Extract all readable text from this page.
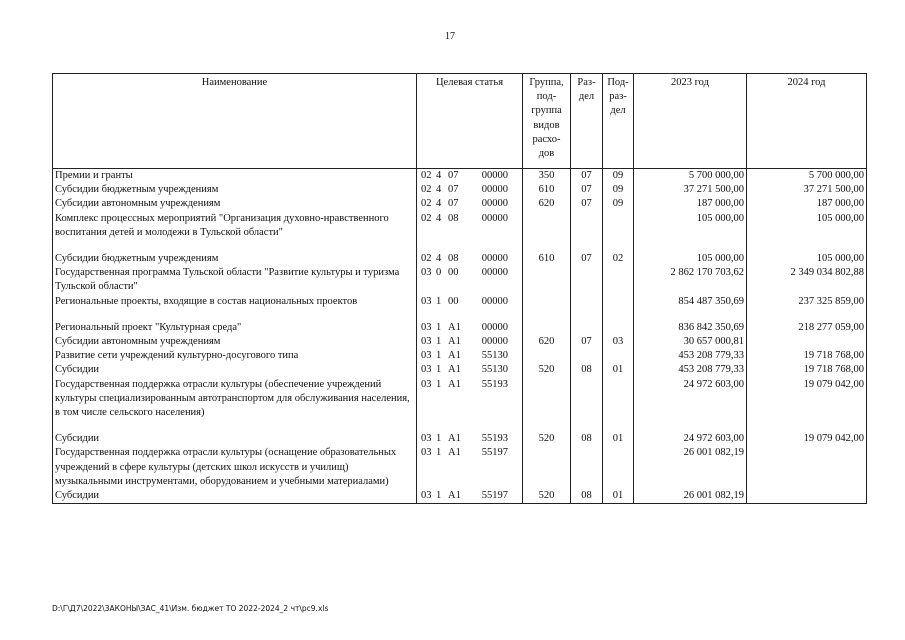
17
Наименование	Целевая статья	Группа, под-группа видов расхо-дов	Раз-дел	Под-раз-дел	2023 год	2024 год
Премии и гранты	02 4 07 00000	350	07	09	5 700 000,00	5 700 000,00
Субсидии бюджетным учреждениям	02 4 07 00000	610	07	09	37 271 500,00	37 271 500,00
Субсидии автономным учреждениям	02 4 07 00000	620	07	09	187 000,00	187 000,00
Комплекс процессных мероприятий "Организация духовно-нравственного воспитания детей и молодежи в Тульской области"	02 4 08 00000				105 000,00	105 000,00

Субсидии бюджетным учреждениям	02 4 08 00000	610	07	02	105 000,00	105 000,00
Государственная программа Тульской области "Развитие культуры и туризма Тульской области"	03 0 00 00000				2 862 170 703,62	2 349 034 802,88
Региональные проекты, входящие в состав национальных проектов	03 1 00 00000				854 487 350,69	237 325 859,00

Региональный проект "Культурная среда"	03 1 A1 00000				836 842 350,69	218 277 059,00
Субсидии автономным учреждениям	03 1 A1 00000	620	07	03	30 657 000,81	
Развитие сети учреждений культурно-досугового типа	03 1 A1 55130				453 208 779,33	19 718 768,00
Субсидии	03 1 A1 55130	520	08	01	453 208 779,33	19 718 768,00
Государственная поддержка отрасли культуры (обеспечение учреждений культуры специализированным автотранспортом для обслуживания населения, в том числе сельского населения)	03 1 A1 55193				24 972 603,00	19 079 042,00

Субсидии	03 1 A1 55193	520	08	01	24 972 603,00	19 079 042,00
Государственная поддержка отрасли культуры (оснащение образовательных учреждений в сфере культуры (детских школ искусств и училищ) музыкальными инструментами, оборудованием и учебными материалами)	03 1 A1 55197				26 001 082,19	
Субсидии	03 1 A1 55197	520	08	01	26 001 082,19	
D:\Г\Д7\2022\ЗАКОНЫ\ЗАС_41\Изм. бюджет ТО 2022-2024_2 чт\рс9.xls
